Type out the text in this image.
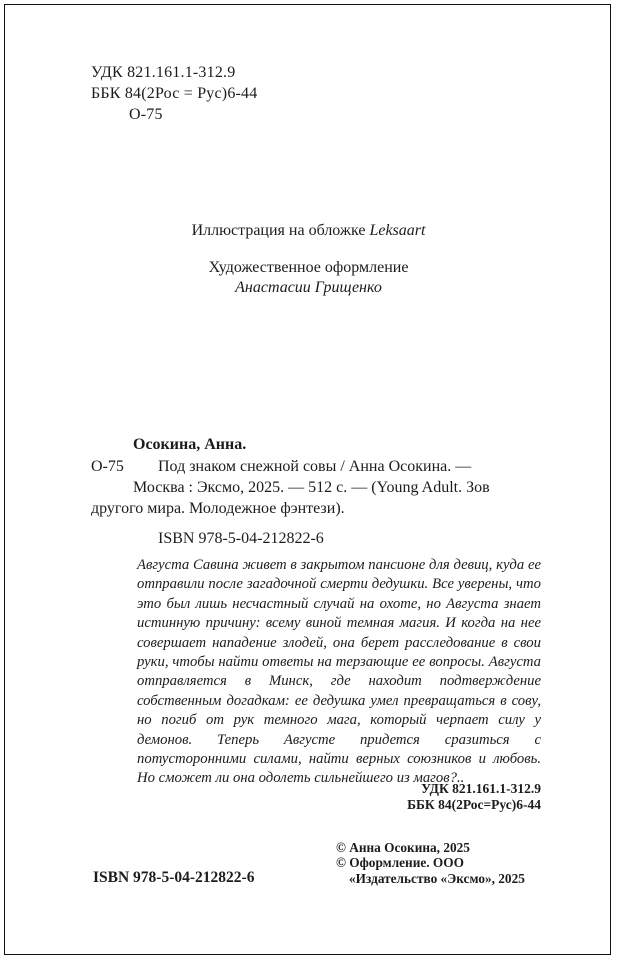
УДК 821.161.1-312.9
ББК 84(2Рос = Рус)6-44
О-75
Иллюстрация на обложке Leksaart
Художественное оформление
Анастасии Грищенко
Осокина, Анна.
О-75 Под знаком снежной совы / Анна Осокина. —
Москва : Эксмо, 2025. — 512 с. — (Young Adult. Зов
другого мира. Молодежное фэнтези).
ISBN 978-5-04-212822-6
Августа Савина живет в закрытом пансионе для девиц, куда ее отправили после загадочной смерти дедушки. Все уверены, что это был лишь несчастный случай на охоте, но Августа знает истинную причину: всему виной темная магия. И когда на нее совершает нападение злодей, она берет расследование в свои руки, чтобы найти ответы на терзающие ее вопросы. Августа отправляется в Минск, где находит подтверждение собственным догадкам: ее дедушка умел превращаться в сову, но погиб от рук темного мага, который черпает силу у демонов. Теперь Августе придется сразиться с потусторонними силами, найти верных союзников и любовь. Но сможет ли она одолеть сильнейшего из магов?..
УДК 821.161.1-312.9
ББК 84(2Рос=Рус)6-44
ISBN 978-5-04-212822-6
© Анна Осокина, 2025
© Оформление. ООО
«Издательство «Эксмо», 2025
